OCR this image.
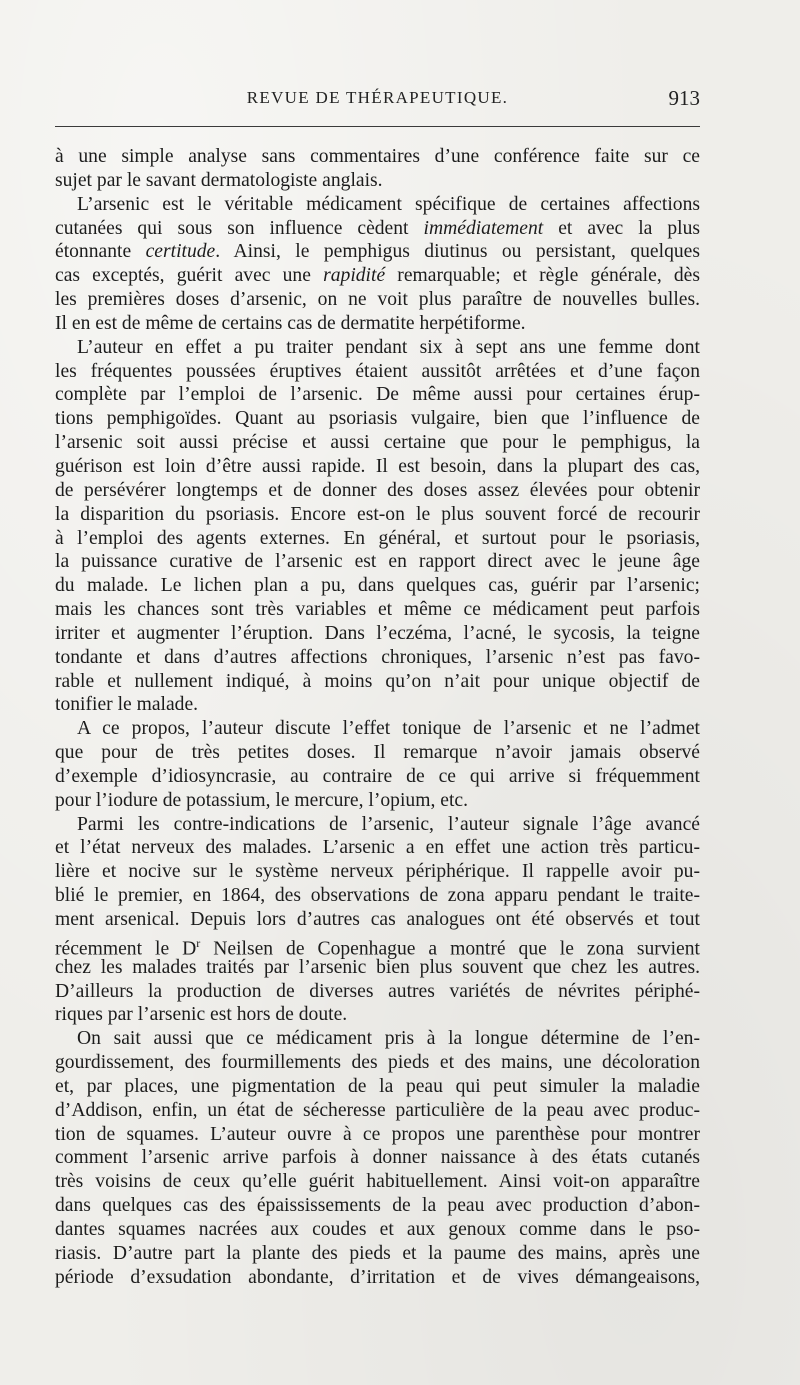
REVUE DE THÉRAPEUTIQUE.	913
à une simple analyse sans commentaires d’une conférence faite sur ce
sujet par le savant dermatologiste anglais.
L’arsenic est le véritable médicament spécifique de certaines affections
cutanées qui sous son influence cèdent immédiatement et avec la plus
étonnante certitude. Ainsi, le pemphigus diutinus ou persistant, quelques
cas exceptés, guérit avec une rapidité remarquable; et règle générale, dès
les premières doses d’arsenic, on ne voit plus paraître de nouvelles bulles.
Il en est de même de certains cas de dermatite herpétiforme.
L’auteur en effet a pu traiter pendant six à sept ans une femme dont
les fréquentes poussées éruptives étaient aussitôt arrêtées et d’une façon
complète par l’emploi de l’arsenic. De même aussi pour certaines érup-
tions pemphigoïdes. Quant au psoriasis vulgaire, bien que l’influence de
l’arsenic soit aussi précise et aussi certaine que pour le pemphigus, la
guérison est loin d’être aussi rapide. Il est besoin, dans la plupart des cas,
de persévérer longtemps et de donner des doses assez élevées pour obtenir
la disparition du psoriasis. Encore est-on le plus souvent forcé de recourir
à l’emploi des agents externes. En général, et surtout pour le psoriasis,
la puissance curative de l’arsenic est en rapport direct avec le jeune âge
du malade. Le lichen plan a pu, dans quelques cas, guérir par l’arsenic;
mais les chances sont très variables et même ce médicament peut parfois
irriter et augmenter l’éruption. Dans l’eczéma, l’acné, le sycosis, la teigne
tondante et dans d’autres affections chroniques, l’arsenic n’est pas favo-
rable et nullement indiqué, à moins qu’on n’ait pour unique objectif de
tonifier le malade.
A ce propos, l’auteur discute l’effet tonique de l’arsenic et ne l’admet
que pour de très petites doses. Il remarque n’avoir jamais observé
d’exemple d’idiosyncrasie, au contraire de ce qui arrive si fréquemment
pour l’iodure de potassium, le mercure, l’opium, etc.
Parmi les contre-indications de l’arsenic, l’auteur signale l’âge avancé
et l’état nerveux des malades. L’arsenic a en effet une action très particu-
lière et nocive sur le système nerveux périphérique. Il rappelle avoir pu-
blié le premier, en 1864, des observations de zona apparu pendant le traite-
ment arsenical. Depuis lors d’autres cas analogues ont été observés et tout
récemment le $D^r$ Neilsen de Copenhague a montré que le zona survient
chez les malades traités par l’arsenic bien plus souvent que chez les autres.
D’ailleurs la production de diverses autres variétés de névrites périphé-
riques par l’arsenic est hors de doute.
On sait aussi que ce médicament pris à la longue détermine de l’en-
gourdissement, des fourmillements des pieds et des mains, une décoloration
et, par places, une pigmentation de la peau qui peut simuler la maladie
d’Addison, enfin, un état de sécheresse particulière de la peau avec produc-
tion de squames. L’auteur ouvre à ce propos une parenthèse pour montrer
comment l’arsenic arrive parfois à donner naissance à des états cutanés
très voisins de ceux qu’elle guérit habituellement. Ainsi voit-on apparaître
dans quelques cas des épaississements de la peau avec production d’abon-
dantes squames nacrées aux coudes et aux genoux comme dans le pso-
riasis. D’autre part la plante des pieds et la paume des mains, après une
période d’exsudation abondante, d’irritation et de vives démangeaisons,
